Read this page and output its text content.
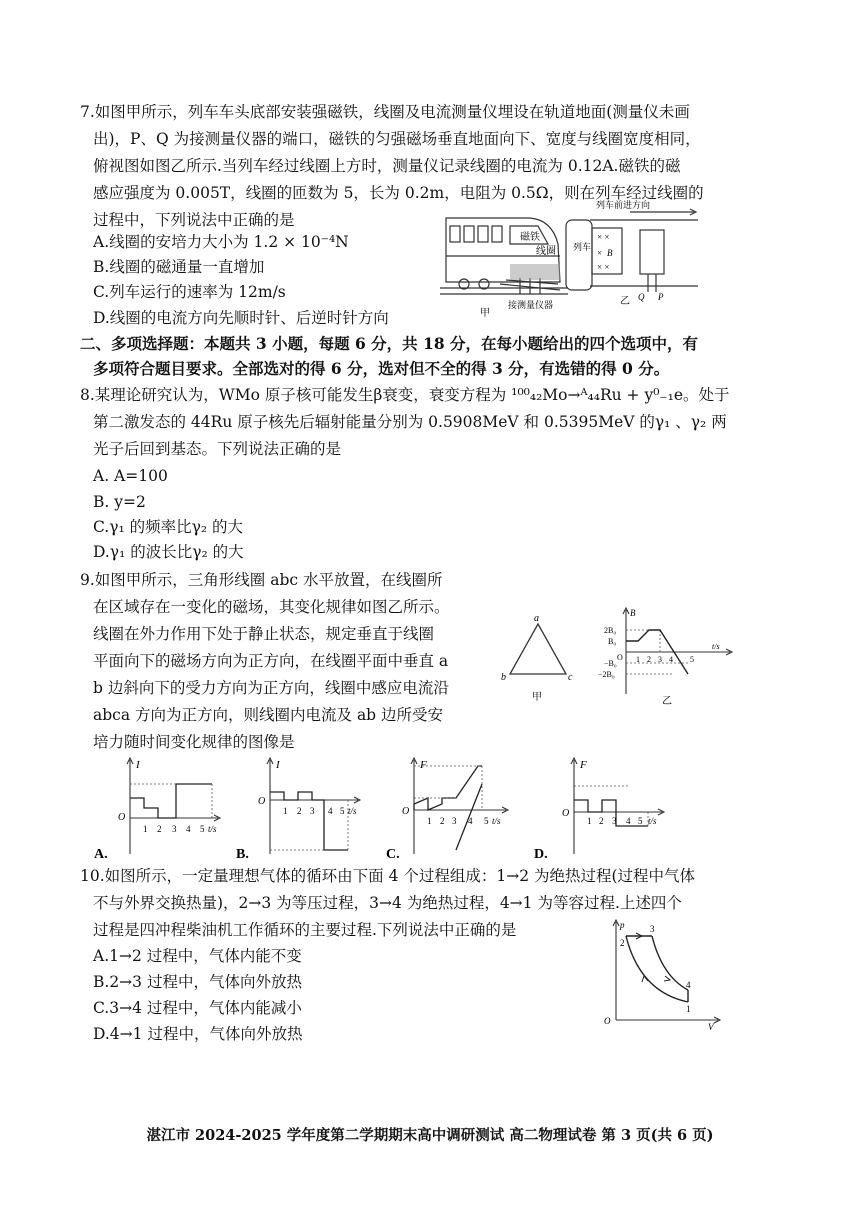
7.如图甲所示，列车车头底部安装强磁铁，线圈及电流测量仪埋设在轨道地面(测量仪未画
出)，P、Q 为接测量仪器的端口，磁铁的匀强磁场垂直地面向下、宽度与线圈宽度相同，
俯视图如图乙所示.当列车经过线圈上方时，测量仪记录线圈的电流为 0.12A.磁铁的磁
感应强度为 0.005T，线圈的匝数为 5，长为 0.2m，电阻为 0.5Ω，则在列车经过线圈的
过程中，下列说法中正确的是
A.线圈的安培力大小为 1.2 × 10⁻⁴N
B.线圈的磁通量一直增加
C.列车运行的速率为 12m/s
D.线圈的电流方向先顺时针、后逆时针方向
磁铁
线圈
接测量仪器
甲
列车前进方向
列车
× ×
× B
× ×
Q P
乙
二、多项选择题：本题共 3 小题，每题 6 分，共 18 分，在每小题给出的四个选项中，有
多项符合题目要求。全部选对的得 6 分，选对但不全的得 3 分，有选错的得 0 分。
8.某理论研究认为，WMo 原子核可能发生β衰变，衰变方程为 ¹⁰⁰₄₂Mo→ᴬ₄₄Ru + y⁰₋₁e。处于
第二激发态的 44Ru 原子核先后辐射能量分别为 0.5908MeV 和 0.5395MeV 的γ₁ 、γ₂ 两
光子后回到基态。下列说法正确的是
A. A=100
B. y=2
C.γ₁ 的频率比γ₂ 的大
D.γ₁ 的波长比γ₂ 的大
9.如图甲所示，三角形线圈 abc 水平放置，在线圈所
在区域存在一变化的磁场，其变化规律如图乙所示。
线圈在外力作用下处于静止状态，规定垂直于线圈
平面向下的磁场方向为正方向，在线圈平面中垂直 a
b 边斜向下的受力方向为正方向，线圈中感应电流沿
abca 方向为正方向，则线圈内电流及 ab 边所受安
培力随时间变化规律的图像是
a
b	c
甲
B
2B₀
B₀
O
−B₀
−2B₀
1 2 3 4 5
t/s
乙
I
O
1 2 3 4 5 t/s
A.
I
O
1 2 3 4 5 t/s
B.
F
O
1 2 3 4 5 t/s
C.
F
O
1 2 3 4 5 t/s
D.
10.如图所示，一定量理想气体的循环由下面 4 个过程组成：1→2 为绝热过程(过程中气体
不与外界交换热量)，2→3 为等压过程，3→4 为绝热过程，4→1 为等容过程.上述四个
过程是四冲程柴油机工作循环的主要过程.下列说法中正确的是
A.1→2 过程中，气体内能不变
B.2→3 过程中，气体向外放热
C.3→4 过程中，气体内能减小
D.4→1 过程中，气体向外放热
p
V
O
2
3
4
1
湛江市 2024-2025 学年度第二学期期末高中调研测试 高二物理试卷 第 3 页(共 6 页)
